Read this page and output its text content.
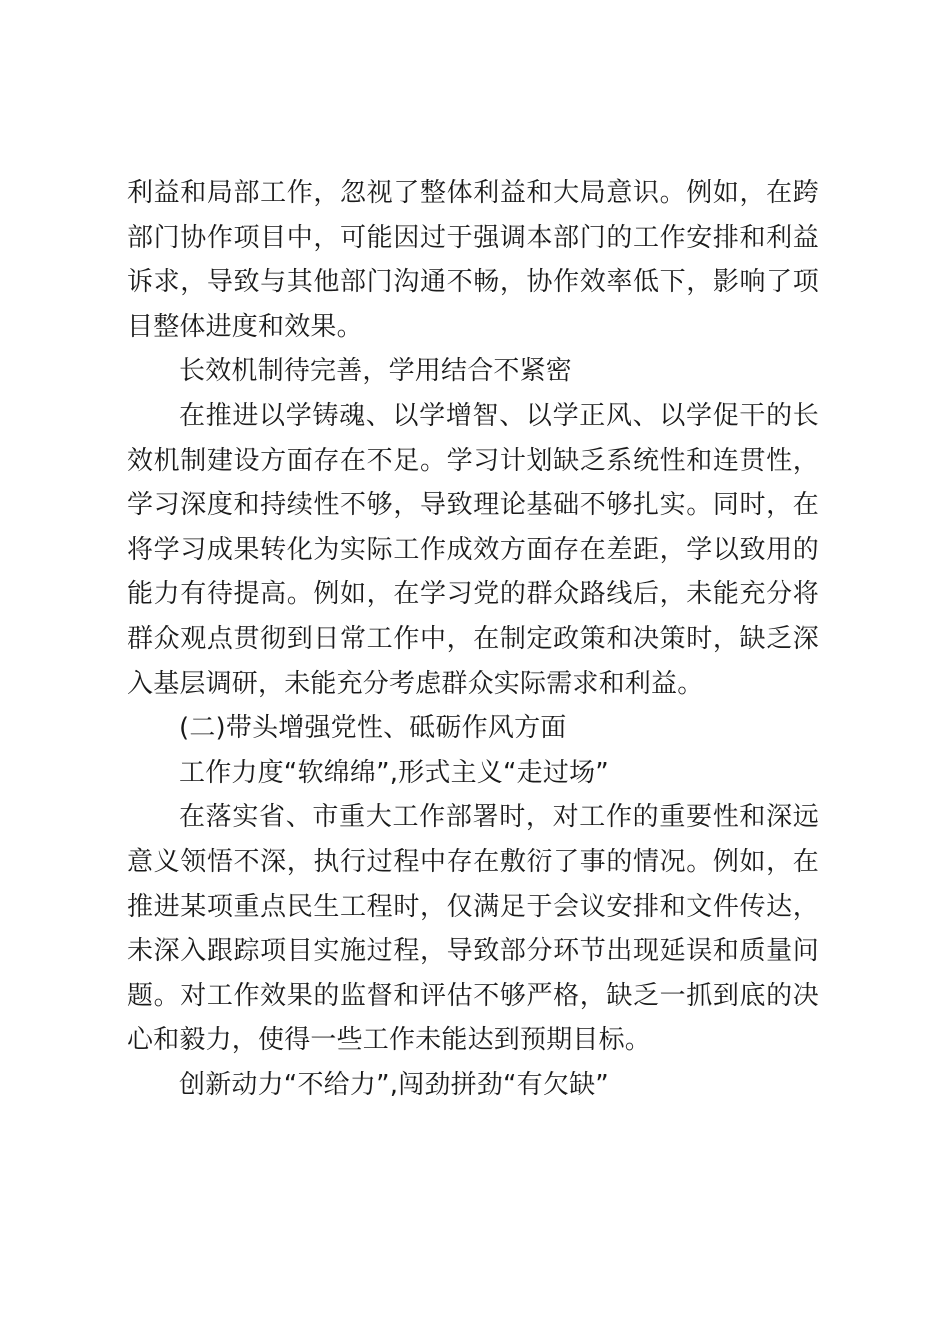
利益和局部工作，忽视了整体利益和大局意识。例如，在跨部门协作项目中，可能因过于强调本部门的工作安排和利益诉求，导致与其他部门沟通不畅，协作效率低下，影响了项目整体进度和效果。

长效机制待完善，学用结合不紧密

在推进以学铸魂、以学增智、以学正风、以学促干的长效机制建设方面存在不足。学习计划缺乏系统性和连贯性，学习深度和持续性不够，导致理论基础不够扎实。同时，在将学习成果转化为实际工作成效方面存在差距，学以致用的能力有待提高。例如，在学习党的群众路线后，未能充分将群众观点贯彻到日常工作中，在制定政策和决策时，缺乏深入基层调研，未能充分考虑群众实际需求和利益。

(二)带头增强党性、砥砺作风方面

工作力度“软绵绵”,形式主义“走过场”

在落实省、市重大工作部署时，对工作的重要性和深远意义领悟不深，执行过程中存在敷衍了事的情况。例如，在推进某项重点民生工程时，仅满足于会议安排和文件传达，未深入跟踪项目实施过程，导致部分环节出现延误和质量问题。对工作效果的监督和评估不够严格，缺乏一抓到底的决心和毅力，使得一些工作未能达到预期目标。

创新动力“不给力”,闯劲拼劲“有欠缺”
